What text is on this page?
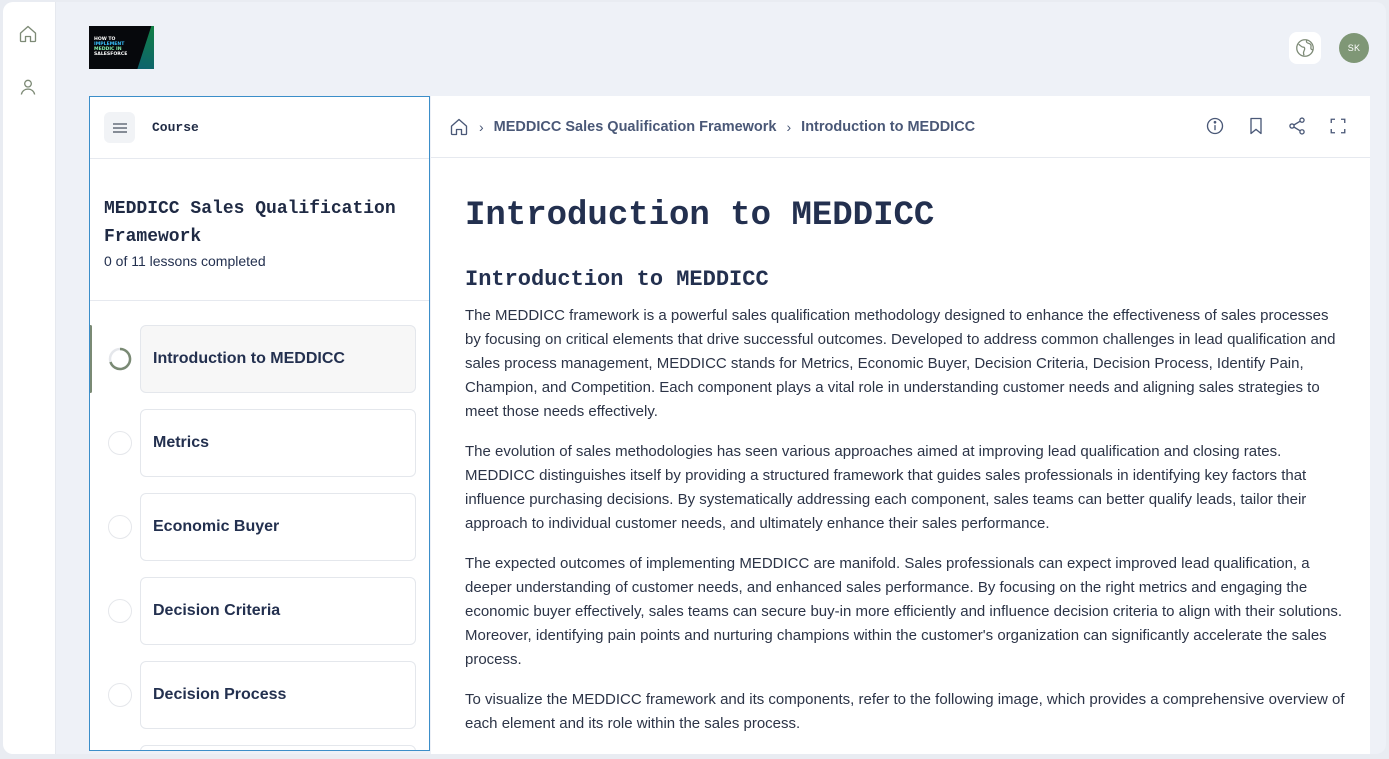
HOW TO
IMPLEMENT
MEDDIC IN
SALESFORCE
SK
Course
MEDDICC Sales Qualification Framework
0 of 11 lessons completed
Introduction to MEDDICC
Metrics
Economic Buyer
Decision Criteria
Decision Process
› MEDDICC Sales Qualification Framework › Introduction to MEDDICC
Introduction to MEDDICC
Introduction to MEDDICC

The MEDDICC framework is a powerful sales qualification methodology designed to enhance the effectiveness of sales processes by focusing on critical elements that drive successful outcomes. Developed to address common challenges in lead qualification and sales process management, MEDDICC stands for Metrics, Economic Buyer, Decision Criteria, Decision Process, Identify Pain, Champion, and Competition. Each component plays a vital role in understanding customer needs and aligning sales strategies to meet those needs effectively.

The evolution of sales methodologies has seen various approaches aimed at improving lead qualification and closing rates. MEDDICC distinguishes itself by providing a structured framework that guides sales professionals in identifying key factors that influence purchasing decisions. By systematically addressing each component, sales teams can better qualify leads, tailor their approach to individual customer needs, and ultimately enhance their sales performance.

The expected outcomes of implementing MEDDICC are manifold. Sales professionals can expect improved lead qualification, a deeper understanding of customer needs, and enhanced sales performance. By focusing on the right metrics and engaging the economic buyer effectively, sales teams can secure buy-in more efficiently and influence decision criteria to align with their solutions. Moreover, identifying pain points and nurturing champions within the customer's organization can significantly accelerate the sales process.

To visualize the MEDDICC framework and its components, refer to the following image, which provides a comprehensive overview of each element and its role within the sales process.
